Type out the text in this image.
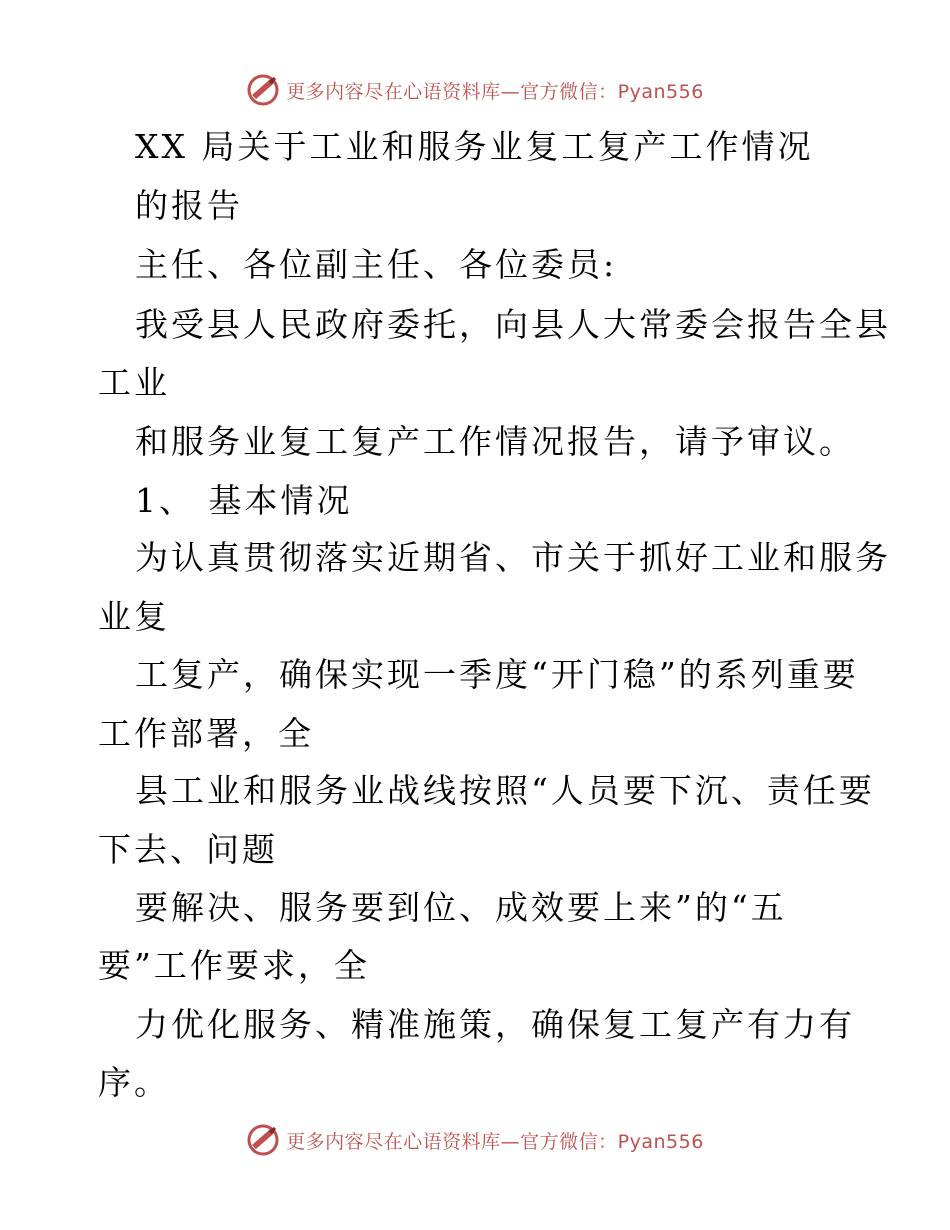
更多内容尽在心语资料库—官方微信：Pyan556
XX 局关于工业和服务业复工复产工作情况
的报告
主任、各位副主任、各位委员:
我受县人民政府委托，向县人大常委会报告全县
工业
和服务业复工复产工作情况报告，请予审议。
1、 基本情况
为认真贯彻落实近期省、市关于抓好工业和服务
业复
工复产，确保实现一季度“开门稳”的系列重要
工作部署，全
县工业和服务业战线按照“人员要下沉、责任要
下去、问题
要解决、服务要到位、成效要上来”的“五
要”工作要求，全
力优化服务、精准施策，确保复工复产有力有
序。
更多内容尽在心语资料库—官方微信：Pyan556
